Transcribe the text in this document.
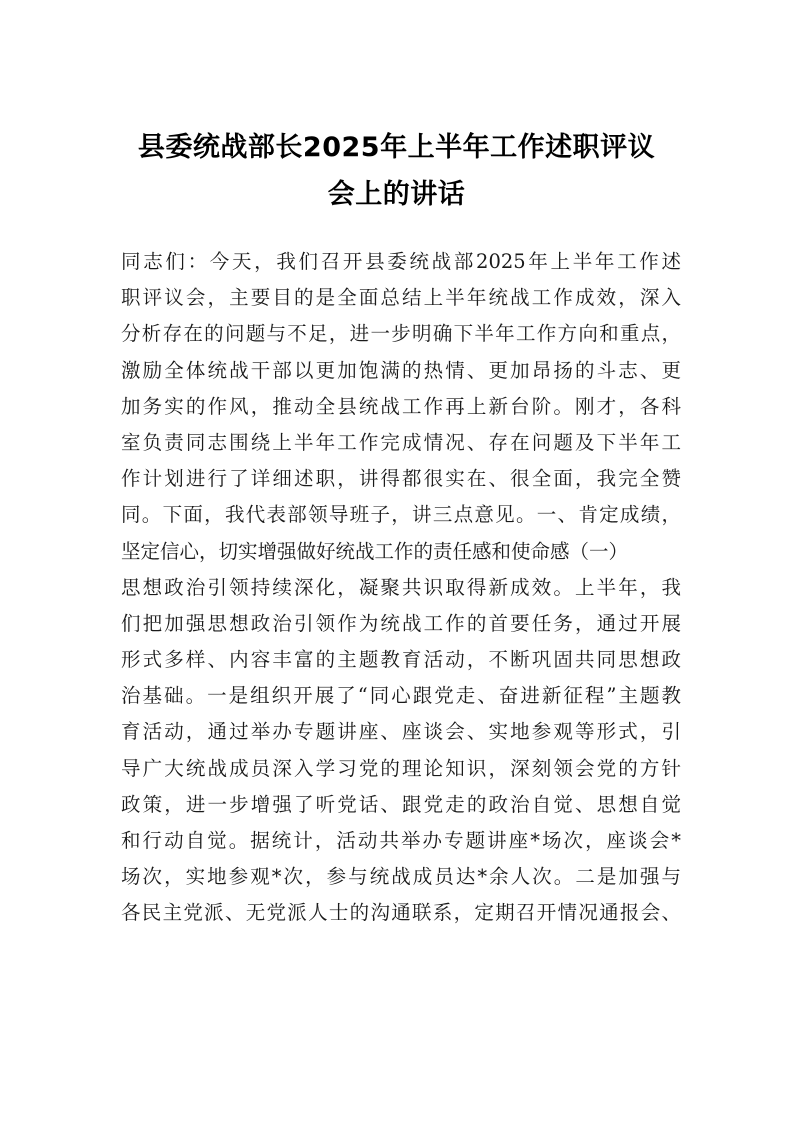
县委统战部长2025年上半年工作述职评议
会上的讲话
同志们：今天，我们召开县委统战部2025年上半年工作述
职评议会，主要目的是全面总结上半年统战工作成效，深入
分析存在的问题与不足，进一步明确下半年工作方向和重点，
激励全体统战干部以更加饱满的热情、更加昂扬的斗志、更
加务实的作风，推动全县统战工作再上新台阶。刚才，各科
室负责同志围绕上半年工作完成情况、存在问题及下半年工
作计划进行了详细述职，讲得都很实在、很全面，我完全赞
同。下面，我代表部领导班子，讲三点意见。一、肯定成绩，
坚定信心，切实增强做好统战工作的责任感和使命感（一）
思想政治引领持续深化，凝聚共识取得新成效。上半年，我
们把加强思想政治引领作为统战工作的首要任务，通过开展
形式多样、内容丰富的主题教育活动，不断巩固共同思想政
治基础。一是组织开展了“同心跟党走、奋进新征程”主题教
育活动，通过举办专题讲座、座谈会、实地参观等形式，引
导广大统战成员深入学习党的理论知识，深刻领会党的方针
政策，进一步增强了听党话、跟党走的政治自觉、思想自觉
和行动自觉。据统计，活动共举办专题讲座*场次，座谈会*
场次，实地参观*次，参与统战成员达*余人次。二是加强与
各民主党派、无党派人士的沟通联系，定期召开情况通报会、
